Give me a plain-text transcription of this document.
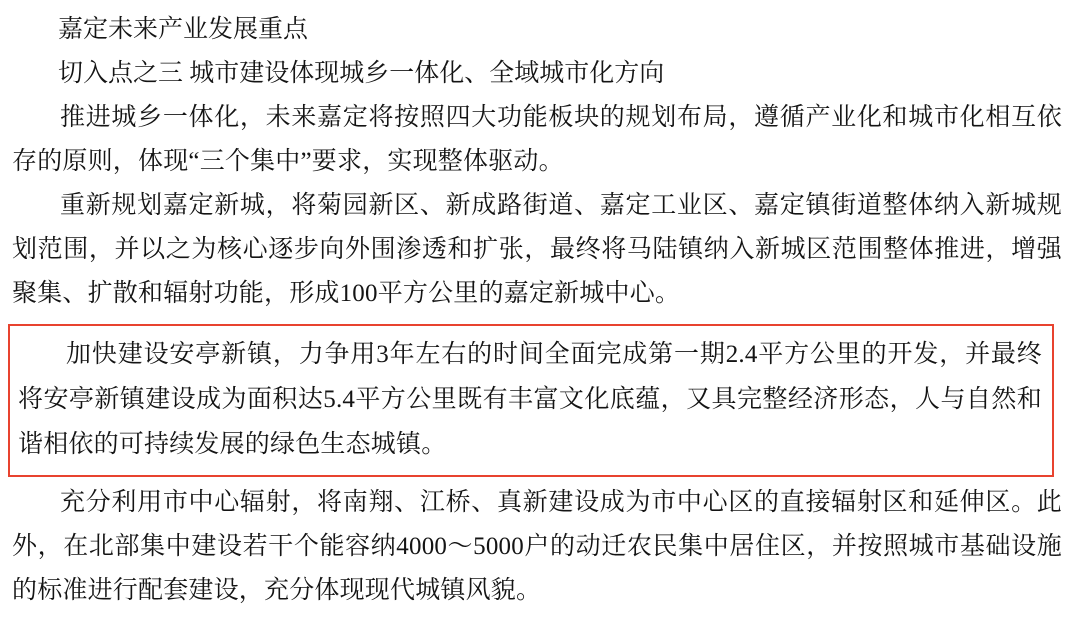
嘉定未来产业发展重点
切入点之三 城市建设体现城乡一体化、全域城市化方向

推进城乡一体化，未来嘉定将按照四大功能板块的规划布局，遵循产业化和城市化相互依存的原则，体现“三个集中”要求，实现整体驱动。

重新规划嘉定新城，将菊园新区、新成路街道、嘉定工业区、嘉定镇街道整体纳入新城规划范围，并以之为核心逐步向外围渗透和扩张，最终将马陆镇纳入新城区范围整体推进，增强聚集、扩散和辐射功能，形成100平方公里的嘉定新城中心。

加快建设安亭新镇，力争用3年左右的时间全面完成第一期2.4平方公里的开发，并最终将安亭新镇建设成为面积达5.4平方公里既有丰富文化底蕴，又具完整经济形态，人与自然和谐相依的可持续发展的绿色生态城镇。

充分利用市中心辐射，将南翔、江桥、真新建设成为市中心区的直接辐射区和延伸区。此外，在北部集中建设若干个能容纳4000～5000户的动迁农民集中居住区，并按照城市基础设施的标准进行配套建设，充分体现现代城镇风貌。
